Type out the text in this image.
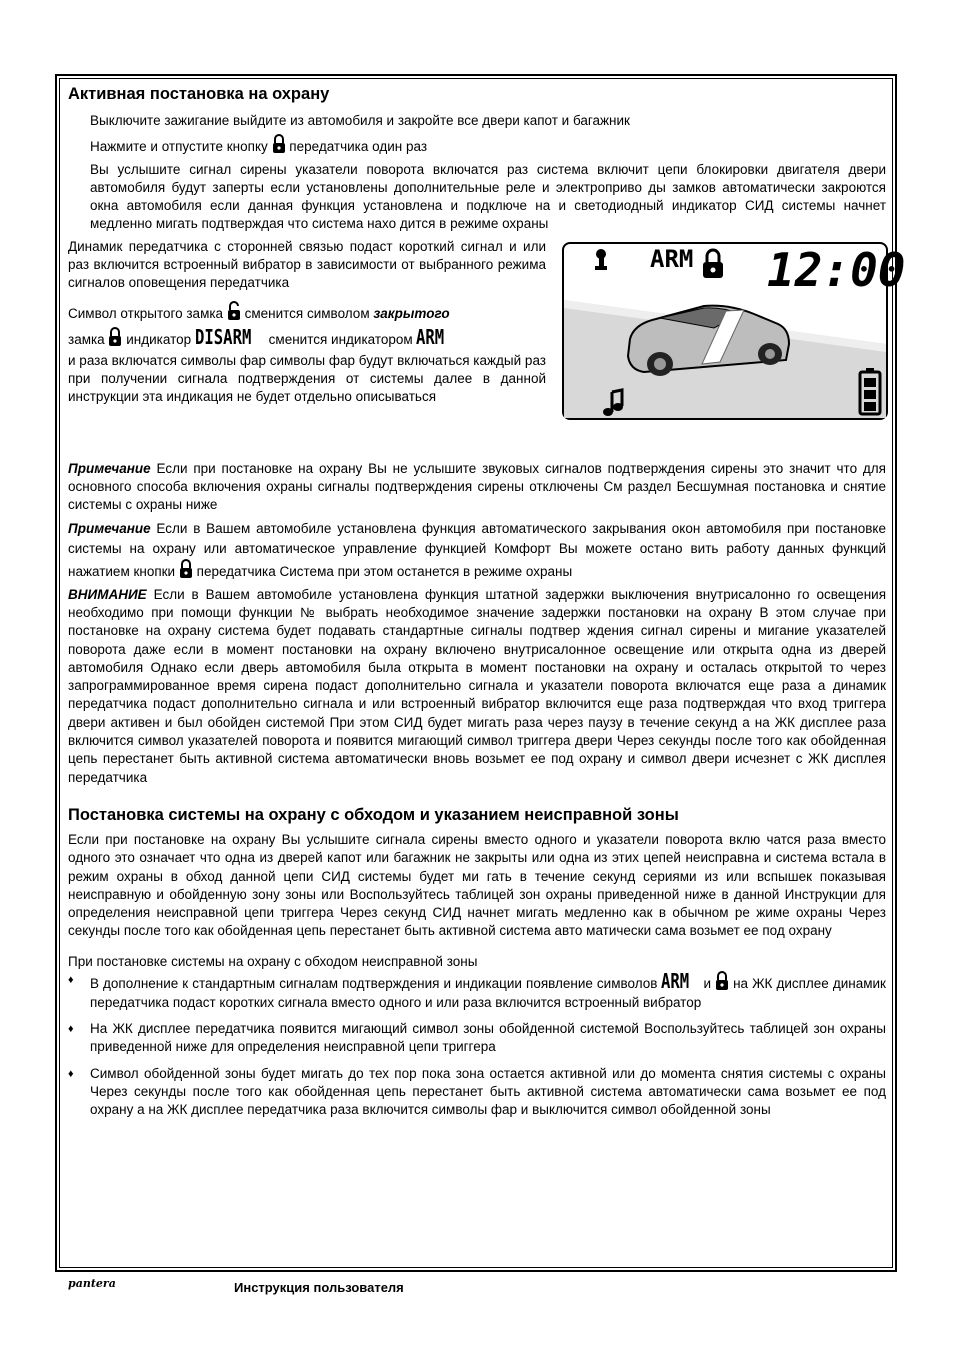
Активная постановка на охрану

Выключите зажигание выйдите из автомобиля и закройте все двери капот и багажник

Нажмите и отпустите кнопку передатчика один раз

Вы услышите сигнал сирены указатели поворота включатся раз система включит цепи блокировки двигателя двери автомобиля будут заперты если установлены дополнительные реле и электроприво ды замков автоматически закроются окна автомобиля если данная функция установлена и подключе на и светодиодный индикатор СИД системы начнет медленно мигать подтверждая что система нахо дится в режиме охраны

Динамик передатчика с сторонней связью подаст короткий сигнал и или раз включится встроенный вибратор в зависимости от выбранного режима сигналов оповещения передатчика

Символ открытого замка сменится символом закрытого

замка индикатор DISARM сменится индикатором ARM

и раза включатся символы фар символы фар будут включаться каждый раз при получении сигнала подтверждения от системы далее в данной инструкции эта индикация не будет отдельно описываться

ARM 12:00

Примечание Если при постановке на охрану Вы не услышите звуковых сигналов подтверждения сирены это значит что для основного способа включения охраны сигналы подтверждения сирены отключены См раздел Бесшумная постановка и снятие системы с охраны ниже

Примечание Если в Вашем автомобиле установлена функция автоматического закрывания окон автомобиля при постановке системы на охрану или автоматическое управление функцией Комфорт Вы можете остано вить работу данных функций нажатием кнопки передатчика Система при этом останется в режиме охраны

ВНИМАНИЕ Если в Вашем автомобиле установлена функция штатной задержки выключения внутрисалонно го освещения необходимо при помощи функции № выбрать необходимое значение задержки постановки на охрану В этом случае при постановке на охрану система будет подавать стандартные сигналы подтвер ждения сигнал сирены и мигание указателей поворота даже если в момент постановки на охрану включено внутрисалонное освещение или открыта одна из дверей автомобиля Однако если дверь автомобиля была открыта в момент постановки на охрану и осталась открытой то через запрограммированное время сирена подаст дополнительно сигнала и указатели поворота включатся еще раза а динамик передатчика подаст дополнительно сигнала и или встроенный вибратор включится еще раза подтверждая что вход триггера двери активен и был обойден системой При этом СИД будет мигать раза через паузу в течение секунд а на ЖК дисплее раза включится символ указателей поворота и появится мигающий символ триггера двери Через секунды после того как обойденная цепь перестанет быть активной система автоматически вновь возьмет ее под охрану и символ двери исчезнет с ЖК дисплея передатчика

Постановка системы на охрану с обходом и указанием неисправной зоны

Если при постановке на охрану Вы услышите сигнала сирены вместо одного и указатели поворота вклю чатся раза вместо одного это означает что одна из дверей капот или багажник не закрыты или одна из этих цепей неисправна и система встала в режим охраны в обход данной цепи СИД системы будет ми гать в течение секунд сериями из или вспышек показывая неисправную и обойденную зону зоны или Воспользуйтесь таблицей зон охраны приведенной ниже в данной Инструкции для определения неисправной цепи триггера Через секунд СИД начнет мигать медленно как в обычном ре жиме охраны Через секунды после того как обойденная цепь перестанет быть активной система авто матически сама возьмет ее под охрану

При постановке системы на охрану с обходом неисправной зоны

♦ В дополнение к стандартным сигналам подтверждения и индикации появление символов ARM и на ЖК дисплее динамик передатчика подаст коротких сигнала вместо одного и или раза включится встроенный вибратор
♦ На ЖК дисплее передатчика появится мигающий символ зоны обойденной системой Воспользуйтесь таблицей зон охраны приведенной ниже для определения неисправной цепи триггера
♦ Символ обойденной зоны будет мигать до тех пор пока зона остается активной или до момента снятия системы с охраны Через секунды после того как обойденная цепь перестанет быть активной система автоматически сама возьмет ее под охрану а на ЖК дисплее передатчика раза включится символы фар и выключится символ обойденной зоны
pantera	Инструкция пользователя
